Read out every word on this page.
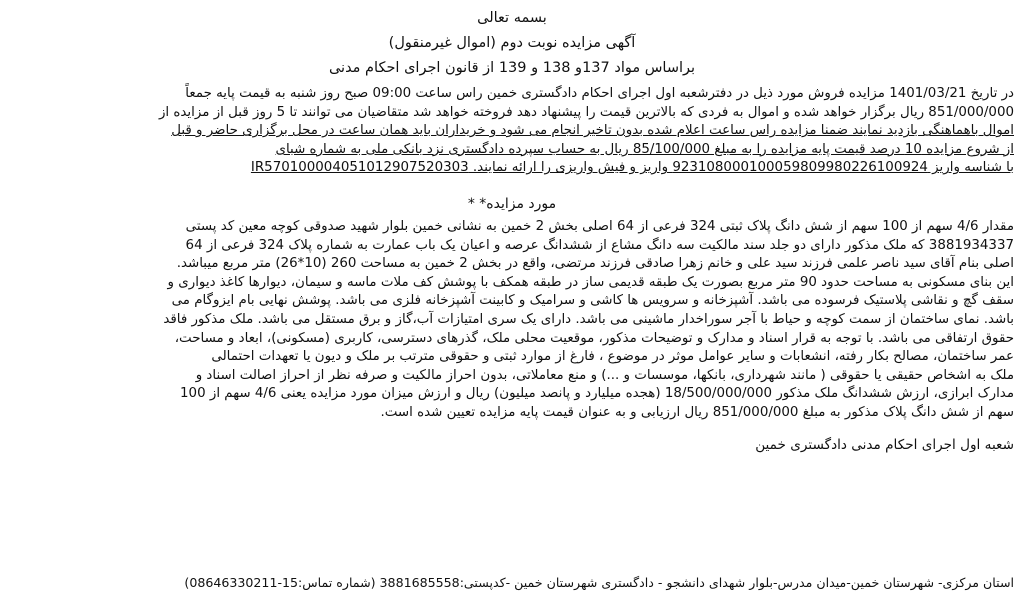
بسمه تعالی
آگهی مزایده نوبت دوم (اموال غیرمنقول)
براساس مواد 137و 138 و 139 از قانون اجرای احکام مدنی

در تاریخ 1401/03/21 مزایده فروش مورد ذیل در دفترشعبه اول اجرای احکام دادگستری خمین راس ساعت 09:00 صبح روز شنبه به قیمت پایه جمعاً

851/000/000 ریال برگزار خواهد شده و اموال به فردی که بالاترین قیمت را پیشنهاد دهد فروخته خواهد شد متقاضیان می توانند تا 5 روز قبل از مزایده از

اموال باهماهنگی بازدید نمایند ضمنا مزایده راس ساعت اعلام شده بدون تاخیر انجام می شود و خریداران باید همان ساعت در محل برگزاری حاضر و قبل

از شروع مزایده 10 درصد قیمت پایه مزایده را به مبلغ 85/100/000 ریال به حساب سپرده دادگستری نزد بانکی ملی به شماره شبای

با شناسه واریز 923108000100059809980226100924 واریز و فیش واریزی را ارائه نمایند. IR570100004051012907520303

مورد مزایده* *

مقدار 4/6 سهم از 100 سهم از شش دانگ پلاک ثبتی 324 فرعی از 64 اصلی بخش 2 خمین به نشانی خمین بلوار شهید صدوقی کوچه معین کد پستی

3881934337 که ملک مذکور دارای دو جلد سند مالکیت سه دانگ مشاع از ششدانگ عرصه و اعیان یک باب عمارت به شماره پلاک 324 فرعی از 64

اصلی بنام آقای سید ناصر علمی فرزند سید علی و خانم زهرا صادقی فرزند مرتضی، واقع در بخش 2 خمین به مساحت 260 (10*26) متر مربع میباشد.

این بنای مسکونی به مساحت حدود 90 متر مربع بصورت یک طبقه قدیمی ساز در طبقه همکف با پوشش کف ملات ماسه و سیمان، دیوارها کاغذ دیواری و

سقف گچ و نقاشی پلاستیک فرسوده می باشد. آشپزخانه و سرویس ها کاشی و سرامیک و کابینت آشپزخانه فلزی می باشد. پوشش نهایی بام ایزوگام می

باشد. نمای ساختمان از سمت کوچه و حیاط با آجر سوراخدار ماشینی می باشد. دارای یک سری امتیازات آب،گاز و برق مستقل می باشد. ملک مذکور فاقد

حقوق ارتفاقی می باشد. با توجه به قرار اسناد و مدارک و توضیحات مذکور، موقعیت محلی ملک، گذرهای دسترسی، کاربری (مسکونی)، ابعاد و مساحت،

عمر ساختمان، مصالح بکار رفته، انشعابات و سایر عوامل موثر در موضوع ، فارغ از موارد ثبتی و حقوقی مترتب بر ملک و دیون یا تعهدات احتمالی

ملک به اشخاص حقیقی یا حقوقی ( مانند شهرداری، بانکها، موسسات و ...) و منع معاملاتی، بدون احراز مالکیت و صرفه نظر از احراز اصالت اسناد و

مدارک ابرازی، ارزش ششدانگ ملک مذکور 18/500/000/000 (هجده میلیارد و پانصد میلیون) ریال و ارزش میزان مورد مزایده یعنی 4/6 سهم از 100

سهم از شش دانگ پلاک مذکور به مبلغ 851/000/000 ریال ارزیابی و به عنوان قیمت پایه مزایده تعیین شده است.

شعبه اول اجرای احکام مدنی دادگستری خمین
استان مرکزی- شهرستان خمین-میدان مدرس-بلوار شهدای دانشجو - دادگستری شهرستان خمین -کدپستی:3881685558 (شماره تماس:15-08646330211)
